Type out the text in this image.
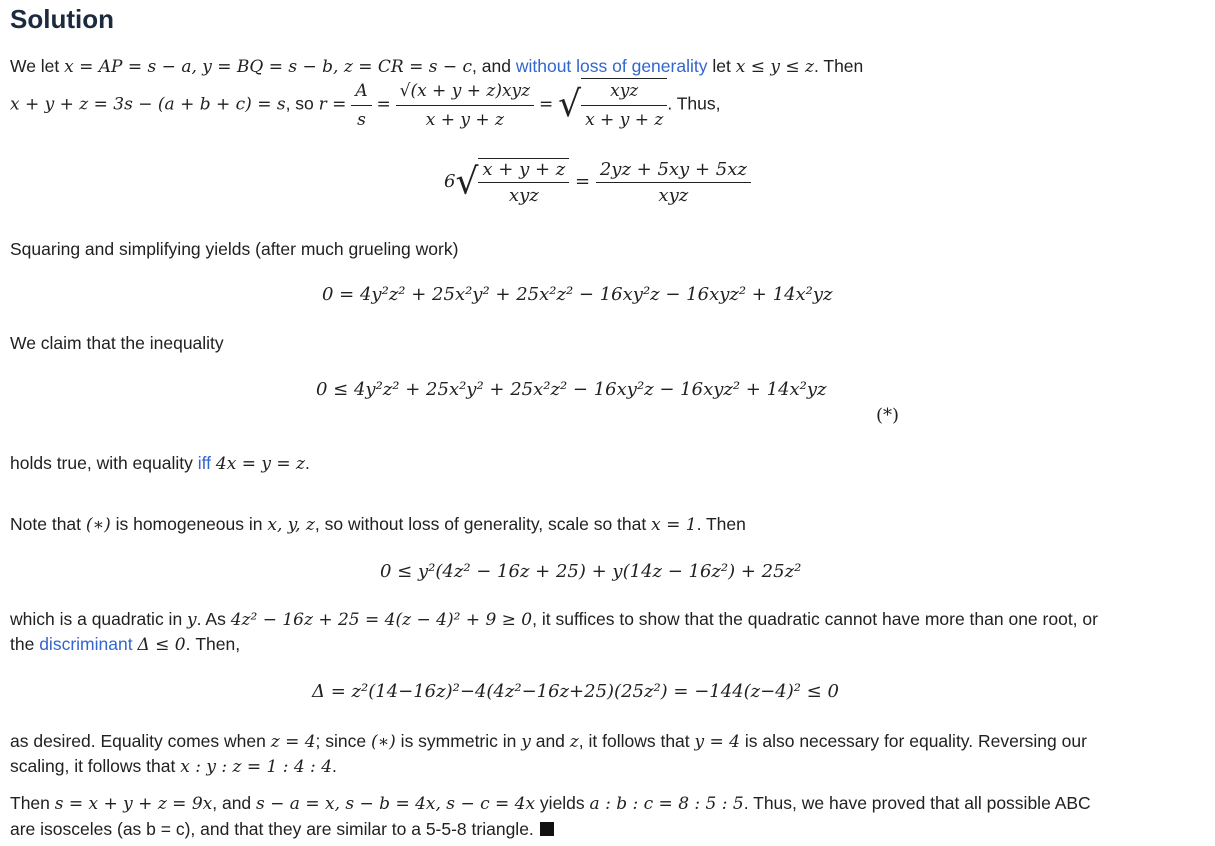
Solution
We let x = AP = s − a, y = BQ = s − b, z = CR = s − c, and without loss of generality let x ≤ y ≤ z. Then
x + y + z = 3s − (a + b + c) = s, so $r = \frac{A}{s} = \frac{\text{√(x + y + z)xyz}}{x + y + z}$ = √ $\frac{\text{xyz}}{x + y + z}$ . Thus,
$6√ \frac{x + y + z}{\text{xyz}} = \frac{2yz + 5xy + 5xz}{\text{xyz}}$
Squaring and simplifying yields (after much grueling work)
0 = 4y²z² + 25x²y² + 25x²z² − 16xy²z − 16xyz² + 14x²yz
We claim that the inequality
0 ≤ 4y²z² + 25x²y² + 25x²z² − 16xy²z − 16xyz² + 14x²yz
(*)
holds true, with equality iff 4x = y = z.
Note that (∗) is homogeneous in x, y, z, so without loss of generality, scale so that x = 1. Then
0 ≤ y²(4z² − 16z + 25) + y(14z − 16z²) + 25z²
which is a quadratic in y. As 4z² − 16z + 25 = 4(z − 4)² + 9 ≥ 0, it suffices to show that the quadratic cannot have more than one root, or
the discriminant Δ ≤ 0. Then,
Δ = z²(14−16z)²−4(4z²−16z+25)(25z²) = −144(z−4)² ≤ 0
as desired. Equality comes when z = 4; since (∗) is symmetric in y and z, it follows that y = 4 is also necessary for equality. Reversing our
scaling, it follows that x : y : z = 1 : 4 : 4.
Then s = x + y + z = 9x, and s − a = x, s − b = 4x, s − c = 4x yields a : b : c = 8 : 5 : 5. Thus, we have proved that all possible ABC
are isosceles (as b = c), and that they are similar to a 5-5-8 triangle.
